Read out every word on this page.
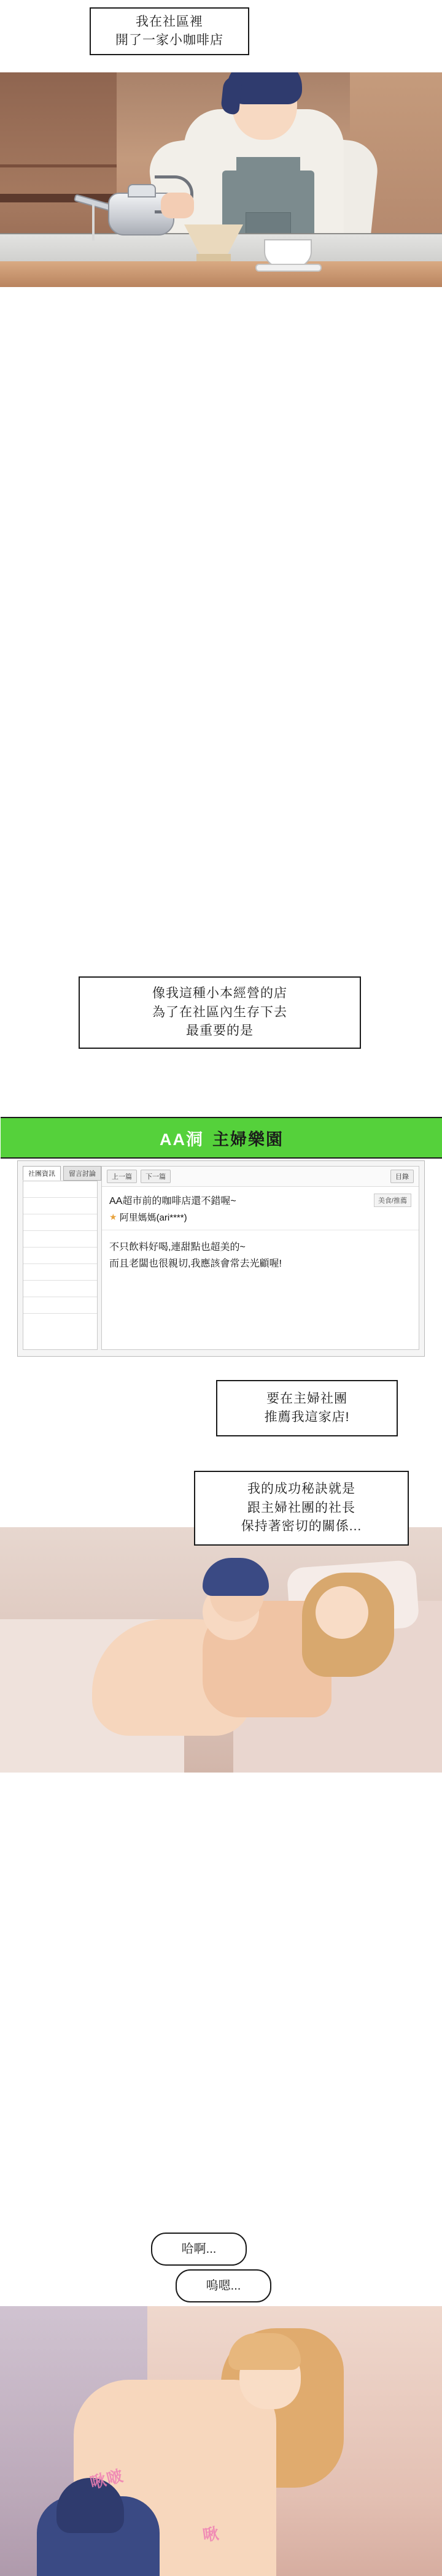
我在社區裡
開了一家小咖啡店
像我這種小本經營的店
為了在社區內生存下去
最重要的是
AA洞 主婦樂園
社團資訊	留言討論	上一篇	下一篇	目錄
AA超市前的咖啡店還不錯喔~	美食/推薦
★ 阿里媽媽(ari****)
不只飲料好喝,連甜點也超美的~
而且老闆也很親切,我應該會常去光顧喔!
要在主婦社團
推薦我這家店!
我的成功秘訣就是
跟主婦社團的社長
保持著密切的關係...
哈啊...
嗚嗯...
啾啵
啾
